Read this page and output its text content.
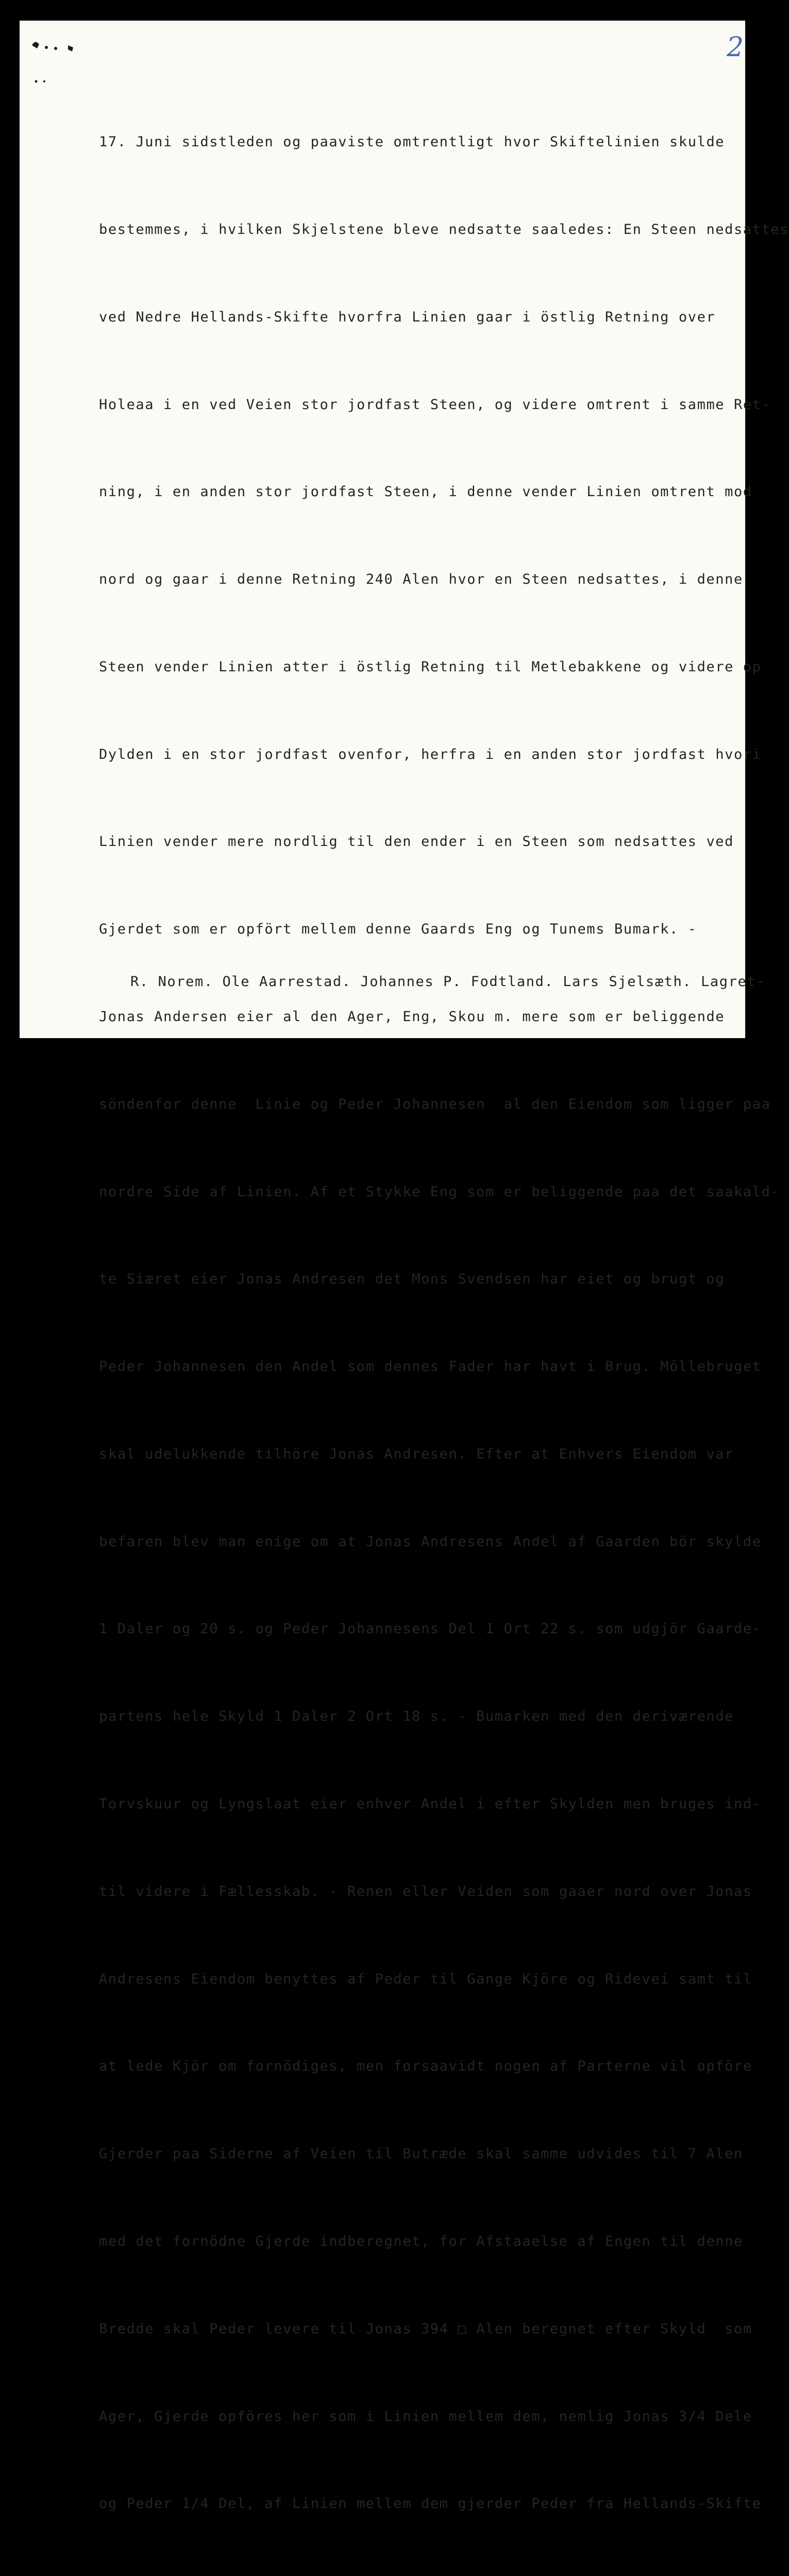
2

17. Juni sidstleden og paaviste omtrentligt hvor Skiftelinien skulde

bestemmes, i hvilken Skjelstene bleve nedsatte saaledes: En Steen nedsattes

ved Nedre Hellands-Skifte hvorfra Linien gaar i östlig Retning over

Holeaa i en ved Veien stor jordfast Steen, og videre omtrent i samme Ret-

ning, i en anden stor jordfast Steen, i denne vender Linien omtrent mod

nord og gaar i denne Retning 240 Alen hvor en Steen nedsattes, i denne

Steen vender Linien atter i östlig Retning til Metlebakkene og videre op

Dylden i en stor jordfast ovenfor, herfra i en anden stor jordfast hvori

Linien vender mere nordlig til den ender i en Steen som nedsattes ved

Gjerdet som er opfört mellem denne Gaards Eng og Tunems Bumark. -

Jonas Andersen eier al den Ager, Eng, Skou m. mere som er beliggende

söndenfor denne  Linie og Peder Johannesen  al den Eiendom som ligger paa

nordre Side af Linien. Af et Stykke Eng som er beliggende paa det saakald-

te Siæret eier Jonas Andresen det Mons Svendsen har eiet og brugt og

Peder Johannesen den Andel som dennes Fader har havt i Brug. Möllebruget

skal udelukkende tilhöre Jonas Andresen. Efter at Enhvers Eiendom var

befaren blev man enige om at Jonas Andresens Andel af Gaarden bör skylde

1 Daler og 20 s. og Peder Johannesens Del 1 Ort 22 s. som udgjör Gaarde-

partens hele Skyld 1 Daler 2 Ort 18 s. - Bumarken med den deriværende

Torvskuur og Lyngslaat eier enhver Andel i efter Skylden men bruges ind-

til videre i Fællesskab. - Renen eller Veiden som gaaer nord over Jonas

Andresens Eiendom benyttes af Peder til Gange Kjöre og Ridevei samt til

at lede Kjör om fornödiges, men forsaavidt nogen af Parterne vil opföre

Gjerder paa Siderne af Veien til Butræde skal samme udvides til 7 Alen

med det fornödne Gjerde indberegnet, for Afstaaelse af Engen til denne

Bredde skal Peder levere til Jonas 394 □ Alen beregnet efter Skyld  som

Ager, Gjerde opföres her som i Linien mellem dem, nemlig Jonas 3/4 Dele

og Peder 1/4 Del, af Linien mellem dem gjerder Peder fra Hellands-Skifte

R. Norem. Ole Aarrestad. Johannes P. Fodtland. Lars Sjelsæth. Lagret-
